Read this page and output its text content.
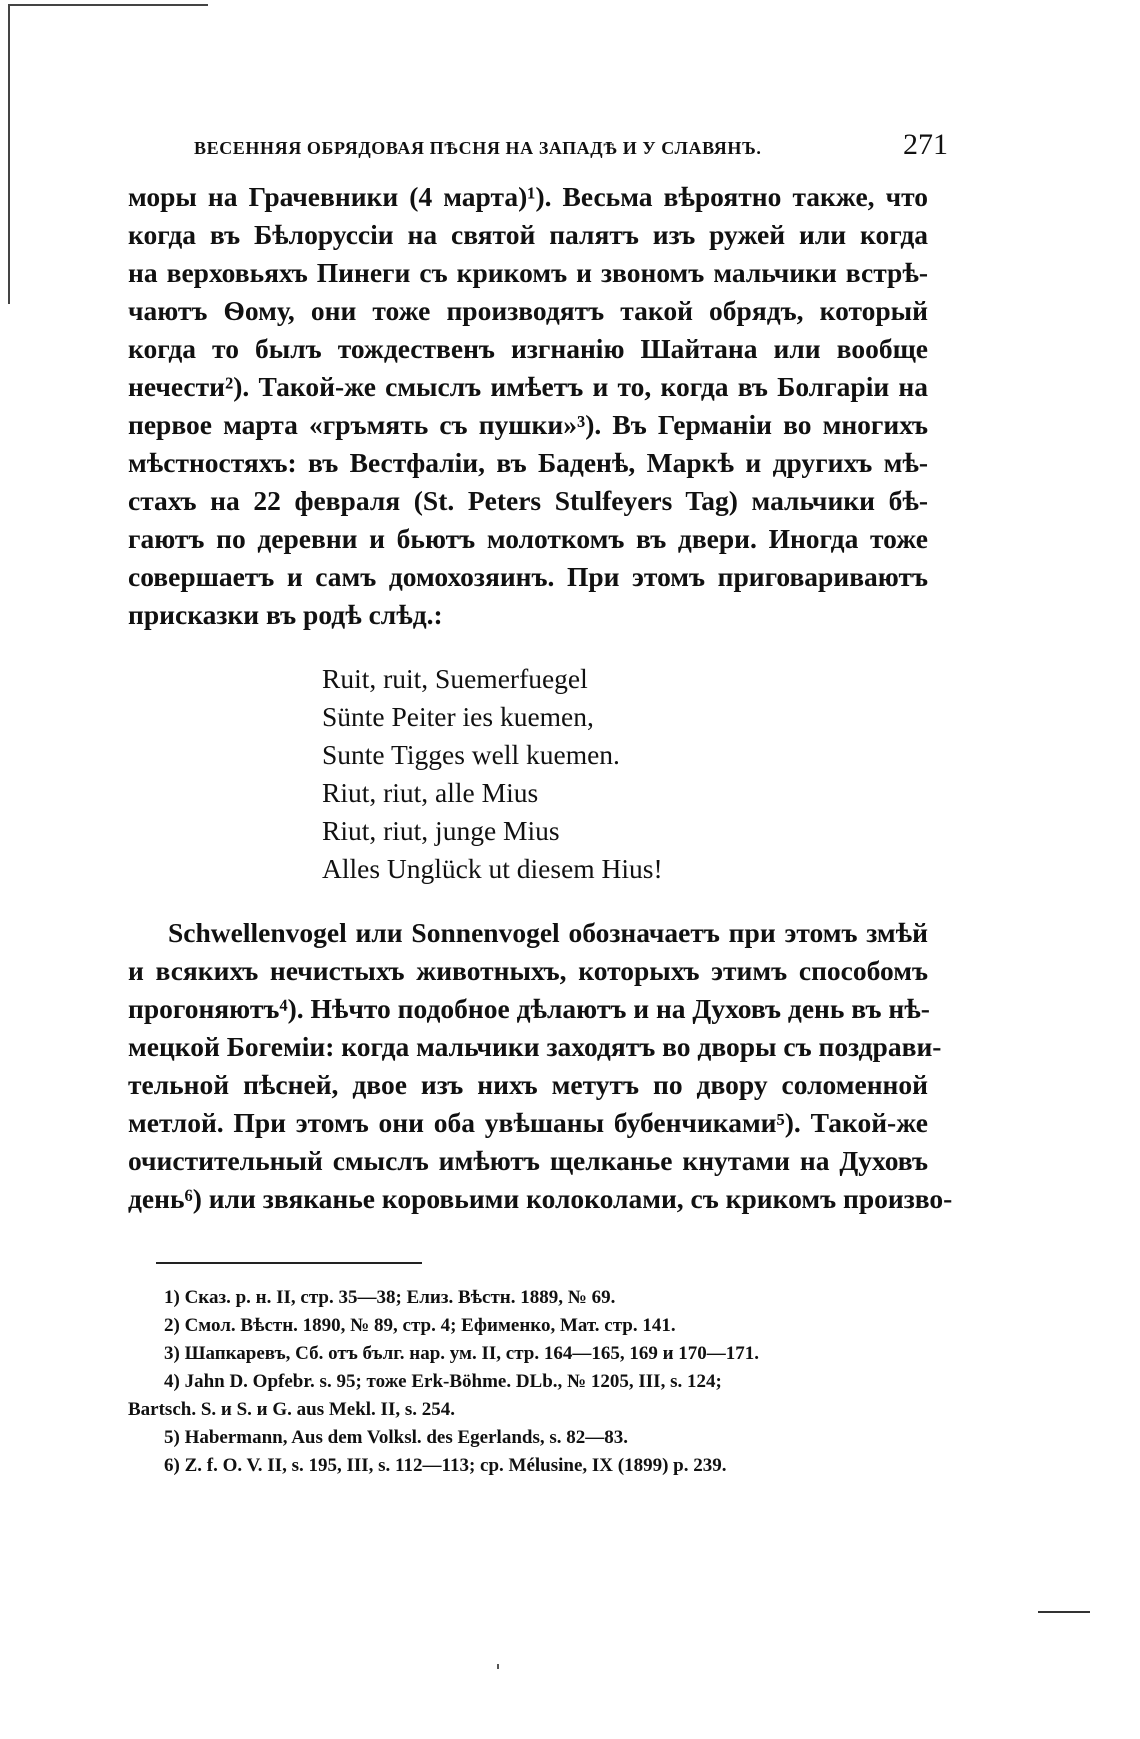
ВЕСЕННЯЯ ОБРЯДОВАЯ ПѢСНЯ НА ЗАПАДѢ И У СЛАВЯНЪ.	271

моры на Грачевники (4 марта)¹). Весьма вѣроятно также, что
когда въ Бѣлоруссіи на святой палятъ изъ ружей или когда
на верховьяхъ Пинеги съ крикомъ и звономъ мальчики встрѣ-
чаютъ Ѳому, они тоже производятъ такой обрядъ, который
когда то былъ тождественъ изгнанію Шайтана или вообще
нечести²). Такой-же смыслъ имѣетъ и то, когда въ Болгаріи на
первое марта «гръмять съ пушки»³). Въ Германіи во многихъ
мѣстностяхъ: въ Вестфаліи, въ Баденѣ, Маркѣ и другихъ мѣ-
стахъ на 22 февраля (St. Peters Stulfeyers Tag) мальчики бѣ-
гаютъ по деревни и бьютъ молоткомъ въ двери. Иногда тоже
совершаетъ и самъ домохозяинъ. При этомъ приговариваютъ
присказки въ родѣ слѣд.:

Ruit, ruit, Suemerfuegel
Sünte Peiter ies kuemen,
Sunte Tigges well kuemen.
Riut, riut, alle Mius
Riut, riut, junge Mius
Alles Unglück ut diesem Hius!

Schwellenvogel или Sonnenvogel обозначаетъ при этомъ змѣй
и всякихъ нечистыхъ животныхъ, которыхъ этимъ способомъ
прогоняютъ⁴). Нѣчто подобное дѣлаютъ и на Духовъ день въ нѣ-
мецкой Богеміи: когда мальчики заходятъ во дворы съ поздрави-
тельной пѣсней, двое изъ нихъ метутъ по двору соломенной
метлой. При этомъ они оба увѣшаны бубенчиками⁵). Такой-же
очистительный смыслъ имѣютъ щелканье кнутами на Духовъ
день⁶) или звяканье коровьими колоколами, съ крикомъ произво-

1) Сказ. р. н. II, стр. 35—38; Елиз. Вѣстн. 1889, № 69.
2) Смол. Вѣстн. 1890, № 89, стр. 4; Ефименко, Мат. стр. 141.
3) Шапкаревъ, Сб. отъ бълг. нар. ум. II, стр. 164—165, 169 и 170—171.
4) Jahn D. Opfebr. s. 95; тоже Erk-Böhme. DLb., № 1205, III, s. 124;
Bartsch. S. и S. и G. aus Mekl. II, s. 254.
5) Habermann, Aus dem Volksl. des Egerlands, s. 82—83.
6) Z. f. O. V. II, s. 195, III, s. 112—113; ср. Mélusine, IX (1899) p. 239.
